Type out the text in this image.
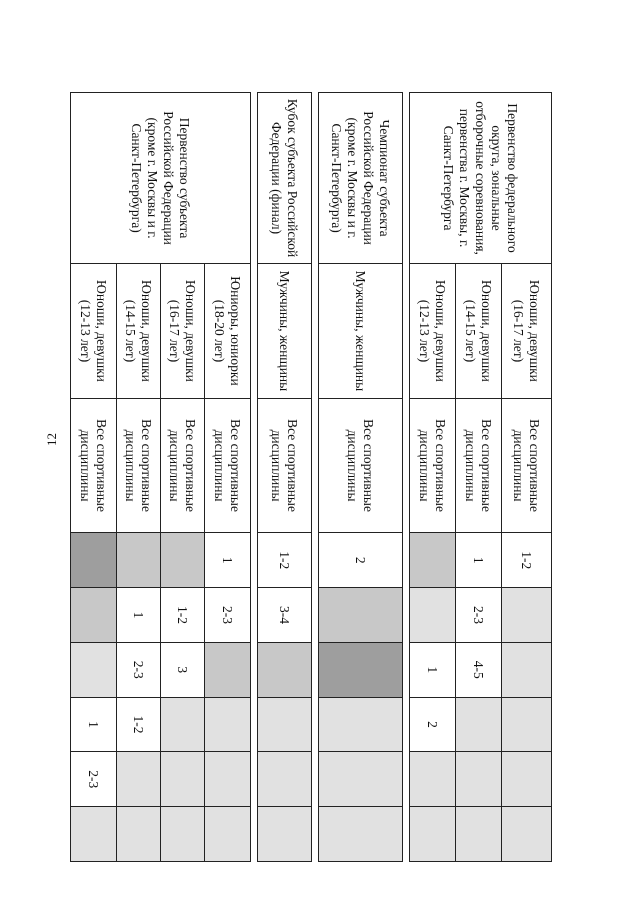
12
Первенство федерального округа, зональные отборочные соревнования, первенства г. Москвы, г. Санкт-Петербурга	Юноши, девушки (16-17 лет)	Все спортивные дисциплины	1-2					
	Юноши, девушки (14-15 лет)	Все спортивные дисциплины	1	2-3	4-5			
	Юноши, девушки (12-13 лет)	Все спортивные дисциплины			1	2		

Чемпионат субъекта Российской Федерации (кроме г. Москвы и г. Санкт-Петербурга)	Мужчины, женщины	Все спортивные дисциплины	2					

Кубок субъекта Российской Федерации (финал)	Мужчины, женщины	Все спортивные дисциплины	1-2	3-4				

Первенство субъекта Российской Федерации (кроме г. Москвы и г. Санкт-Петербурга)	Юниоры, юниорки (18-20 лет)	Все спортивные дисциплины	1	2-3				
	Юноши, девушки (16-17 лет)	Все спортивные дисциплины		1-2	3			
	Юноши, девушки (14-15 лет)	Все спортивные дисциплины		1	2-3	1-2		
	Юноши, девушки (12-13 лет)	Все спортивные дисциплины				1	2-3	
